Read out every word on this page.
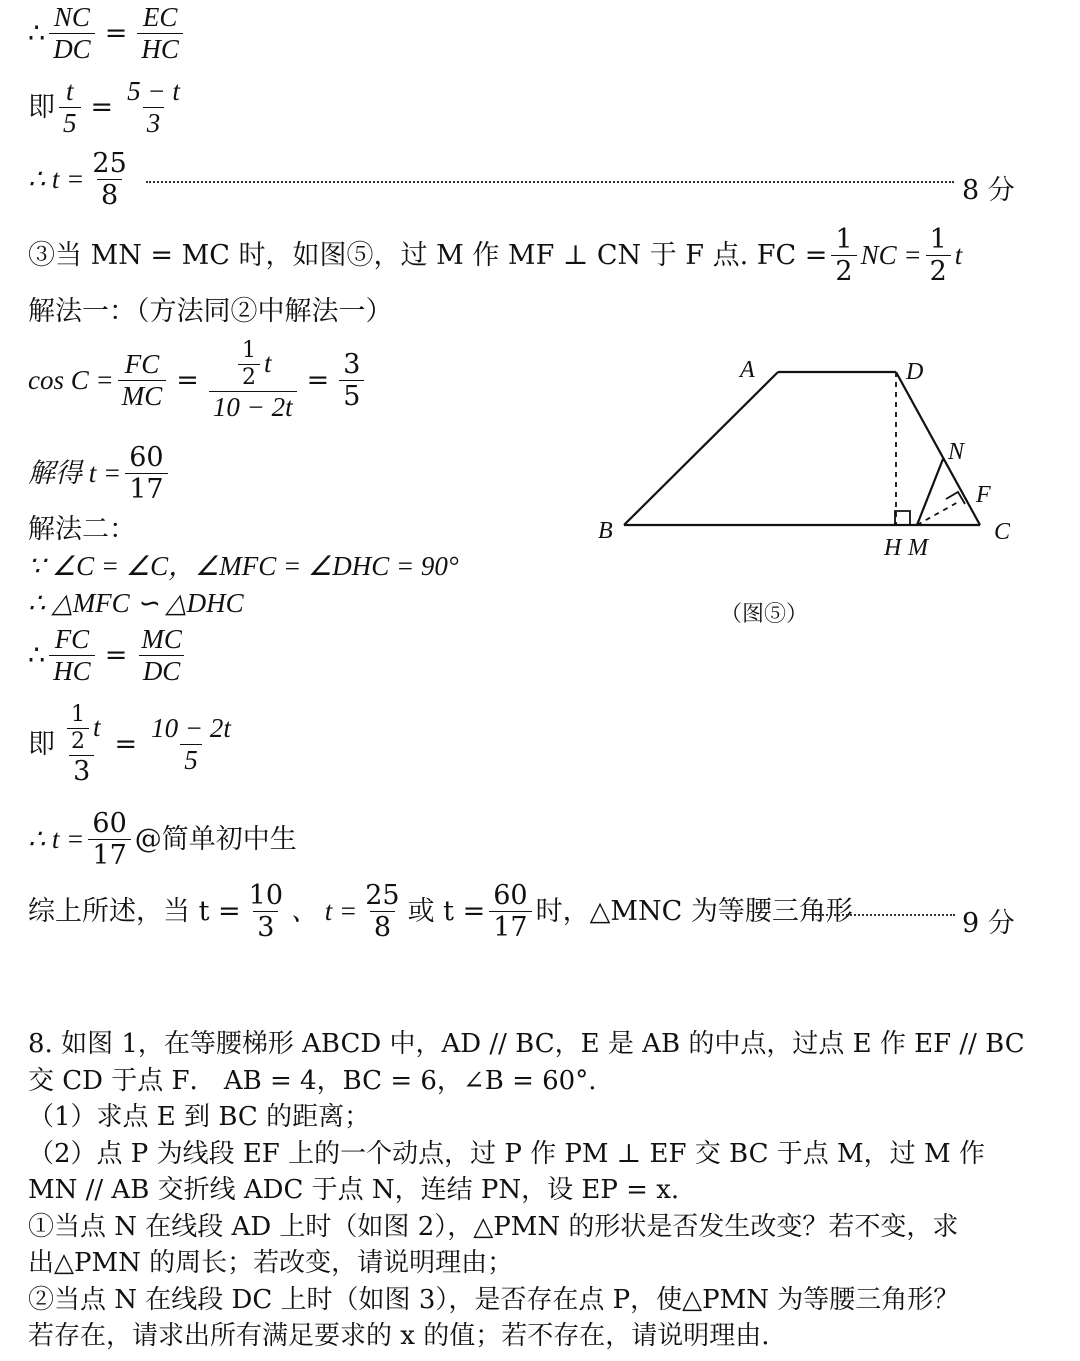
∴ $\frac{NC}{DC} = \frac{EC}{HC}$
即 $\frac{t}{5} = \frac{5 - t}{3}$
∴ $t = \frac{25}{8}$	8 分
③当 MN = MC 时，如图⑤，过 M 作 MF ⊥ CN 于 F 点. FC = $\frac{1}{2}$ NC = $\frac{1}{2}$ t
解法一：（方法同②中解法一）
$\cos C = \frac{FC}{MC} = \frac{\frac{1}{2} t}{10 - 2t} = \frac{3}{5}$
解得 $t = \frac{60}{17}$
解法二：
∵ ∠C = ∠C，∠MFC = ∠DHC = 90°
∴ △MFC ∽ △DHC
∴ $\frac{FC}{HC} = \frac{MC}{DC}$
即 $\frac{\frac{1}{2} t}{3} = \frac{10 - 2t}{5}$
∴ $t = \frac{60}{17}$ @简单初中生
综上所述，当 $t = \frac{10}{3}$ 、 $t = \frac{25}{8}$ 或 $t = \frac{60}{17}$ 时，△MNC 为等腰三角形	9 分
A	D
B	C
N
F
H M
（图⑤）
8. 如图 1，在等腰梯形 ABCD 中，AD // BC，E 是 AB 的中点，过点 E 作 EF // BC
交 CD 于点 F． AB = 4，BC = 6，∠B = 60°.
（1）求点 E 到 BC 的距离；
（2）点 P 为线段 EF 上的一个动点，过 P 作 PM ⊥ EF 交 BC 于点 M，过 M 作
MN // AB 交折线 ADC 于点 N，连结 PN，设 EP = x.
①当点 N 在线段 AD 上时（如图 2），△PMN 的形状是否发生改变？若不变，求
出△PMN 的周长；若改变，请说明理由；
②当点 N 在线段 DC 上时（如图 3），是否存在点 P，使△PMN 为等腰三角形？
若存在，请求出所有满足要求的 x 的值；若不存在，请说明理由.
